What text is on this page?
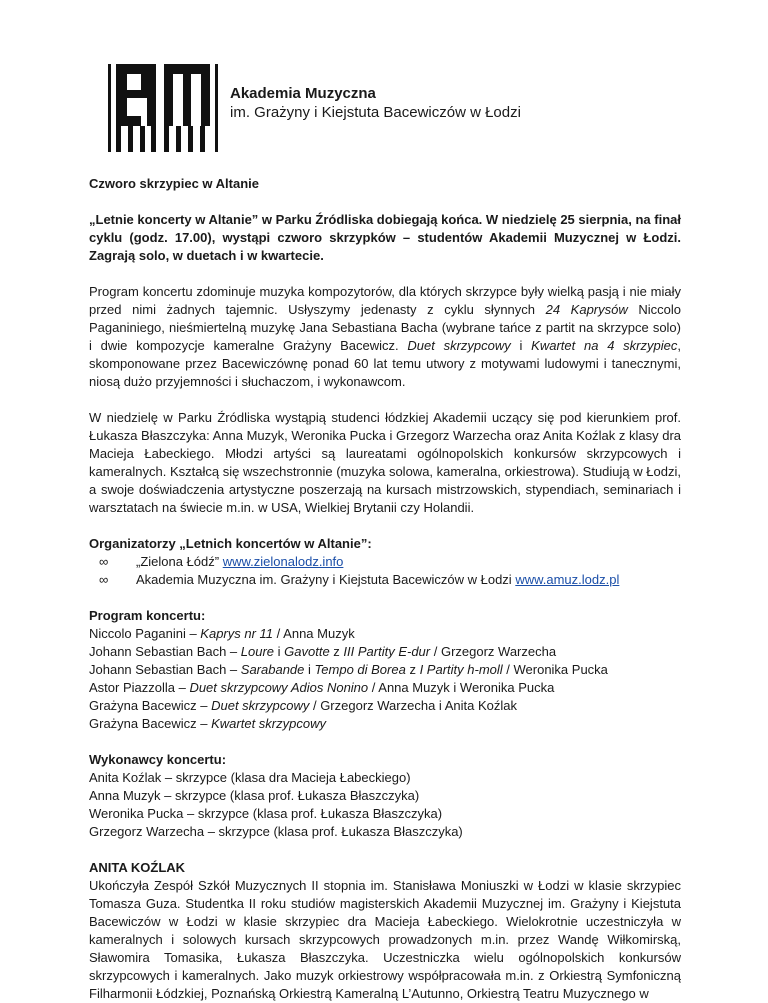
Akademia Muzyczna
im. Grażyny i Kiejstuta Bacewiczów w Łodzi

Czworo skrzypiec w Altanie

„Letnie koncerty w Altanie” w Parku Źródliska dobiegają końca. W niedzielę 25 sierpnia, na finał cyklu (godz. 17.00), wystąpi czworo skrzypków – studentów Akademii Muzycznej w Łodzi. Zagrają solo, w duetach i w kwartecie.

Program koncertu zdominuje muzyka kompozytorów, dla których skrzypce były wielką pasją i nie miały przed nimi żadnych tajemnic. Usłyszymy jedenasty z cyklu słynnych 24 Kaprysów Niccolo Paganiniego, nieśmiertelną muzykę Jana Sebastiana Bacha (wybrane tańce z partit na skrzypce solo) i dwie kompozycje kameralne Grażyny Bacewicz. Duet skrzypcowy i Kwartet na 4 skrzypiec, skomponowane przez Bacewiczównę ponad 60 lat temu utwory z motywami ludowymi i tanecznymi, niosą dużo przyjemności i słuchaczom, i wykonawcom.

W niedzielę w Parku Źródliska wystąpią studenci łódzkiej Akademii uczący się pod kierunkiem prof. Łukasza Błaszczyka: Anna Muzyk, Weronika Pucka i Grzegorz Warzecha oraz Anita Koźlak z klasy dra Macieja Łabeckiego. Młodzi artyści są laureatami ogólnopolskich konkursów skrzypcowych i kameralnych. Kształcą się wszechstronnie (muzyka solowa, kameralna, orkiestrowa). Studiują w Łodzi, a swoje doświadczenia artystyczne poszerzają na kursach mistrzowskich, stypendiach, seminariach i warsztatach na świecie m.in. w USA, Wielkiej Brytanii czy Holandii.

Organizatorzy „Letnich koncertów w Altanie”:
∞ „Zielona Łódź” www.zielonalodz.info
∞ Akademia Muzyczna im. Grażyny i Kiejstuta Bacewiczów w Łodzi www.amuz.lodz.pl
Program koncertu:
Niccolo Paganini – Kaprys nr 11 / Anna Muzyk
Johann Sebastian Bach – Loure i Gavotte z III Partity E-dur / Grzegorz Warzecha
Johann Sebastian Bach – Sarabande i Tempo di Borea z I Partity h-moll / Weronika Pucka
Astor Piazzolla – Duet skrzypcowy Adios Nonino / Anna Muzyk i Weronika Pucka
Grażyna Bacewicz – Duet skrzypcowy / Grzegorz Warzecha i Anita Koźlak
Grażyna Bacewicz – Kwartet skrzypcowy
Wykonawcy koncertu:
Anita Koźlak – skrzypce (klasa dra Macieja Łabeckiego)
Anna Muzyk – skrzypce (klasa prof. Łukasza Błaszczyka)
Weronika Pucka – skrzypce (klasa prof. Łukasza Błaszczyka)
Grzegorz Warzecha – skrzypce (klasa prof. Łukasza Błaszczyka)
ANITA KOŹLAK

Ukończyła Zespół Szkół Muzycznych II stopnia im. Stanisława Moniuszki w Łodzi w klasie skrzypiec Tomasza Guza. Studentka II roku studiów magisterskich Akademii Muzycznej im. Grażyny i Kiejstuta Bacewiczów w Łodzi w klasie skrzypiec dra Macieja Łabeckiego. Wielokrotnie uczestniczyła w kameralnych i solowych kursach skrzypcowych prowadzonych m.in. przez Wandę Wiłkomirską, Sławomira Tomasika, Łukasza Błaszczyka. Uczestniczka wielu ogólnopolskich konkursów skrzypcowych i kameralnych. Jako muzyk orkiestrowy współpracowała m.in. z Orkiestrą Symfoniczną Filharmonii Łódzkiej, Poznańską Orkiestrą Kameralną L’Autunno, Orkiestrą Teatru Muzycznego w
